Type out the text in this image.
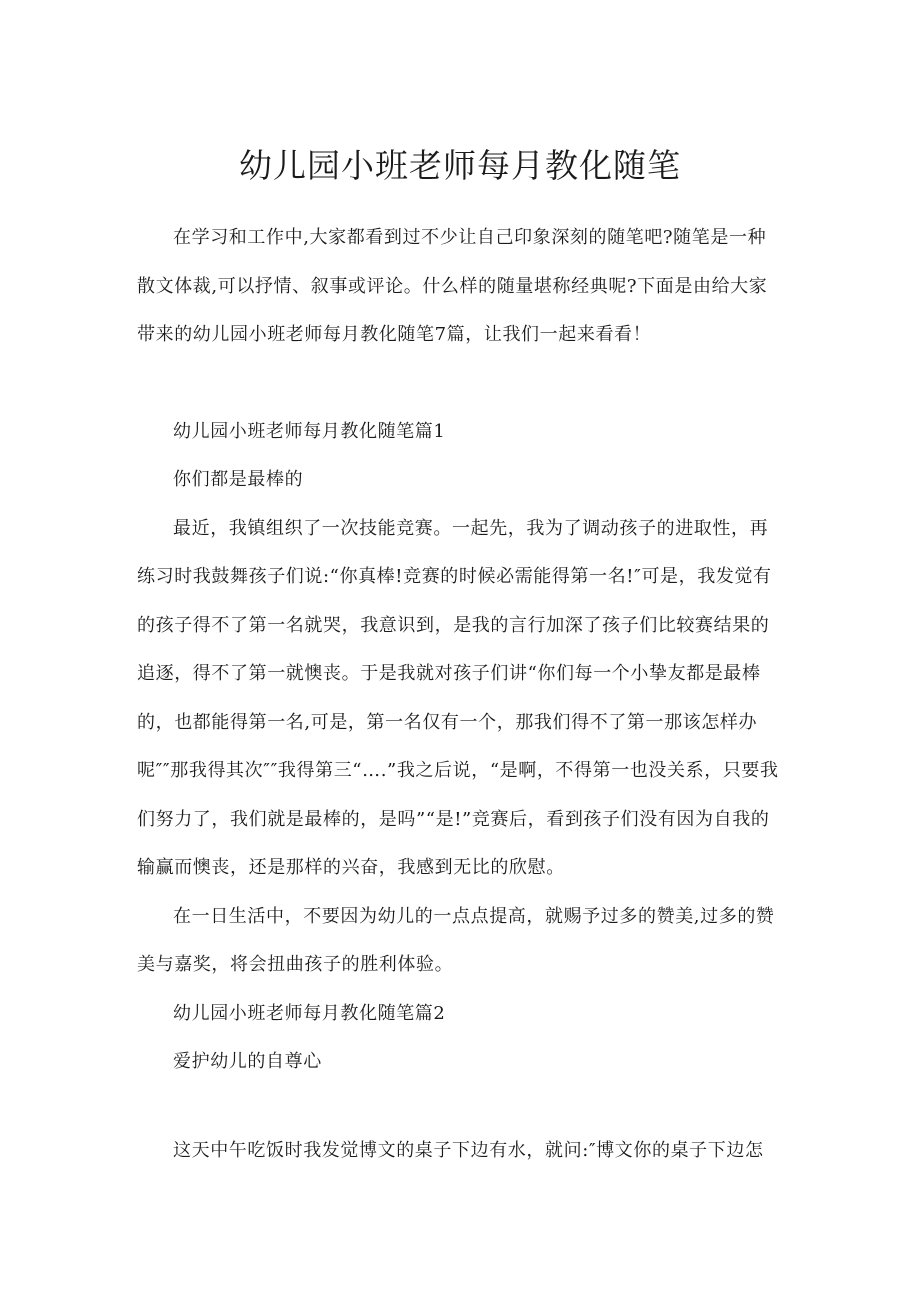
幼儿园小班老师每月教化随笔

在学习和工作中,大家都看到过不少让自己印象深刻的随笔吧?随笔是一种散文体裁,可以抒情、叙事或评论。什么样的随量堪称经典呢?下面是由给大家带来的幼儿园小班老师每月教化随笔7篇，让我们一起来看看！

幼儿园小班老师每月教化随笔篇1

你们都是最棒的

最近，我镇组织了一次技能竞赛。一起先，我为了调动孩子的进取性，再练习时我鼓舞孩子们说:“你真棒!竞赛的时候必需能得第一名!″可是，我发觉有的孩子得不了第一名就哭，我意识到，是我的言行加深了孩子们比较赛结果的追逐，得不了第一就懊丧。于是我就对孩子们讲“你们每一个小挚友都是最棒的，也都能得第一名,可是，第一名仅有一个，那我们得不了第一那该怎样办呢″″那我得其次″″我得第三“….”我之后说，“是啊，不得第一也没关系，只要我们努力了，我们就是最棒的，是吗”“是!”竞赛后，看到孩子们没有因为自我的输赢而懊丧，还是那样的兴奋，我感到无比的欣慰。

在一日生活中，不要因为幼儿的一点点提高，就赐予过多的赞美,过多的赞美与嘉奖，将会扭曲孩子的胜利体验。

幼儿园小班老师每月教化随笔篇2

爱护幼儿的自尊心

这天中午吃饭时我发觉博文的桌子下边有水，就问:″博文你的桌子下边怎
